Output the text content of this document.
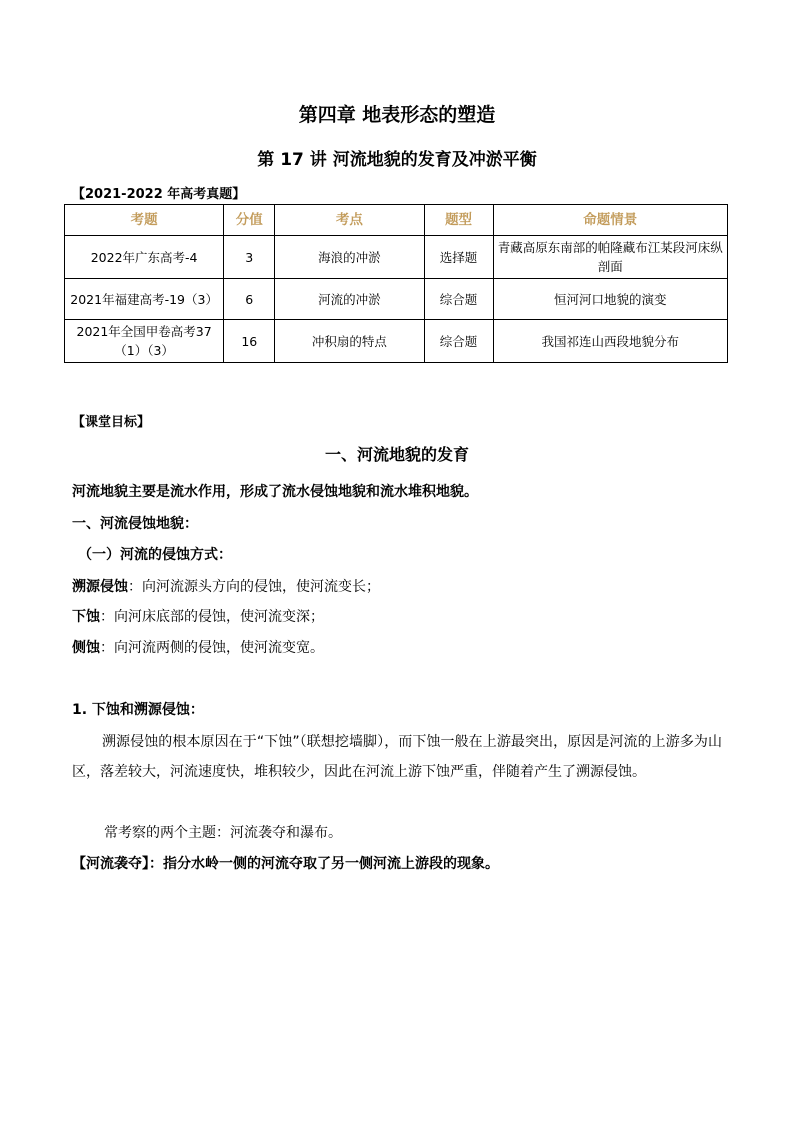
第四章 地表形态的塑造
第 17 讲 河流地貌的发育及冲淤平衡
【2021-2022 年高考真题】
考题	分值	考点	题型	命题情景
2022年广东高考-4	3	海浪的冲淤	选择题	青藏高原东南部的帕隆藏布江某段河床纵剖面
2021年福建高考-19（3）	6	河流的冲淤	综合题	恒河河口地貌的演变
2021年全国甲卷高考37（1）（3）	16	冲积扇的特点	综合题	我国祁连山西段地貌分布
【课堂目标】
一、河流地貌的发育
河流地貌主要是流水作用，形成了流水侵蚀地貌和流水堆积地貌。
一、河流侵蚀地貌：
（一）河流的侵蚀方式：
溯源侵蚀：向河流源头方向的侵蚀，使河流变长；
下蚀：向河床底部的侵蚀，使河流变深；
侧蚀：向河流两侧的侵蚀，使河流变宽。
1. 下蚀和溯源侵蚀：
溯源侵蚀的根本原因在于“下蚀”（联想挖墙脚），而下蚀一般在上游最突出，原因是河流的上游多为山区，落差较大，河流速度快，堆积较少，因此在河流上游下蚀严重，伴随着产生了溯源侵蚀。
常考察的两个主题：河流袭夺和瀑布。
【河流袭夺】：指分水岭一侧的河流夺取了另一侧河流上游段的现象。
